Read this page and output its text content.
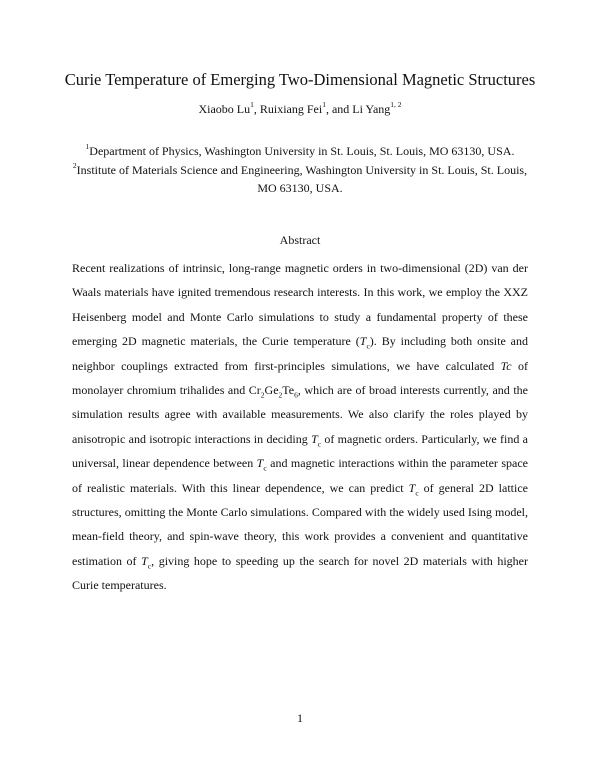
Curie Temperature of Emerging Two-Dimensional Magnetic Structures
Xiaobo Lu$^1$, Ruixiang Fei$^1$, and Li Yang$^{1, 2}$
$^1$Department of Physics, Washington University in St. Louis, St. Louis, MO 63130, USA.
$^2$Institute of Materials Science and Engineering, Washington University in St. Louis, St. Louis, MO 63130, USA.
Abstract
Recent realizations of intrinsic, long-range magnetic orders in two-dimensional (2D) van der Waals materials have ignited tremendous research interests. In this work, we employ the XXZ Heisenberg model and Monte Carlo simulations to study a fundamental property of these emerging 2D magnetic materials, the Curie temperature $(T_c)$. By including both onsite and neighbor couplings extracted from first-principles simulations, we have calculated Tc of monolayer chromium trihalides and $Cr_2Ge_2Te_6$, which are of broad interests currently, and the simulation results agree with available measurements. We also clarify the roles played by anisotropic and isotropic interactions in deciding $T_c$ of magnetic orders. Particularly, we find a universal, linear dependence between $T_c$ and magnetic interactions within the parameter space of realistic materials. With this linear dependence, we can predict $T_c$ of general 2D lattice structures, omitting the Monte Carlo simulations. Compared with the widely used Ising model, mean-field theory, and spin-wave theory, this work provides a convenient and quantitative estimation of $T_c$, giving hope to speeding up the search for novel 2D materials with higher Curie temperatures.
1
